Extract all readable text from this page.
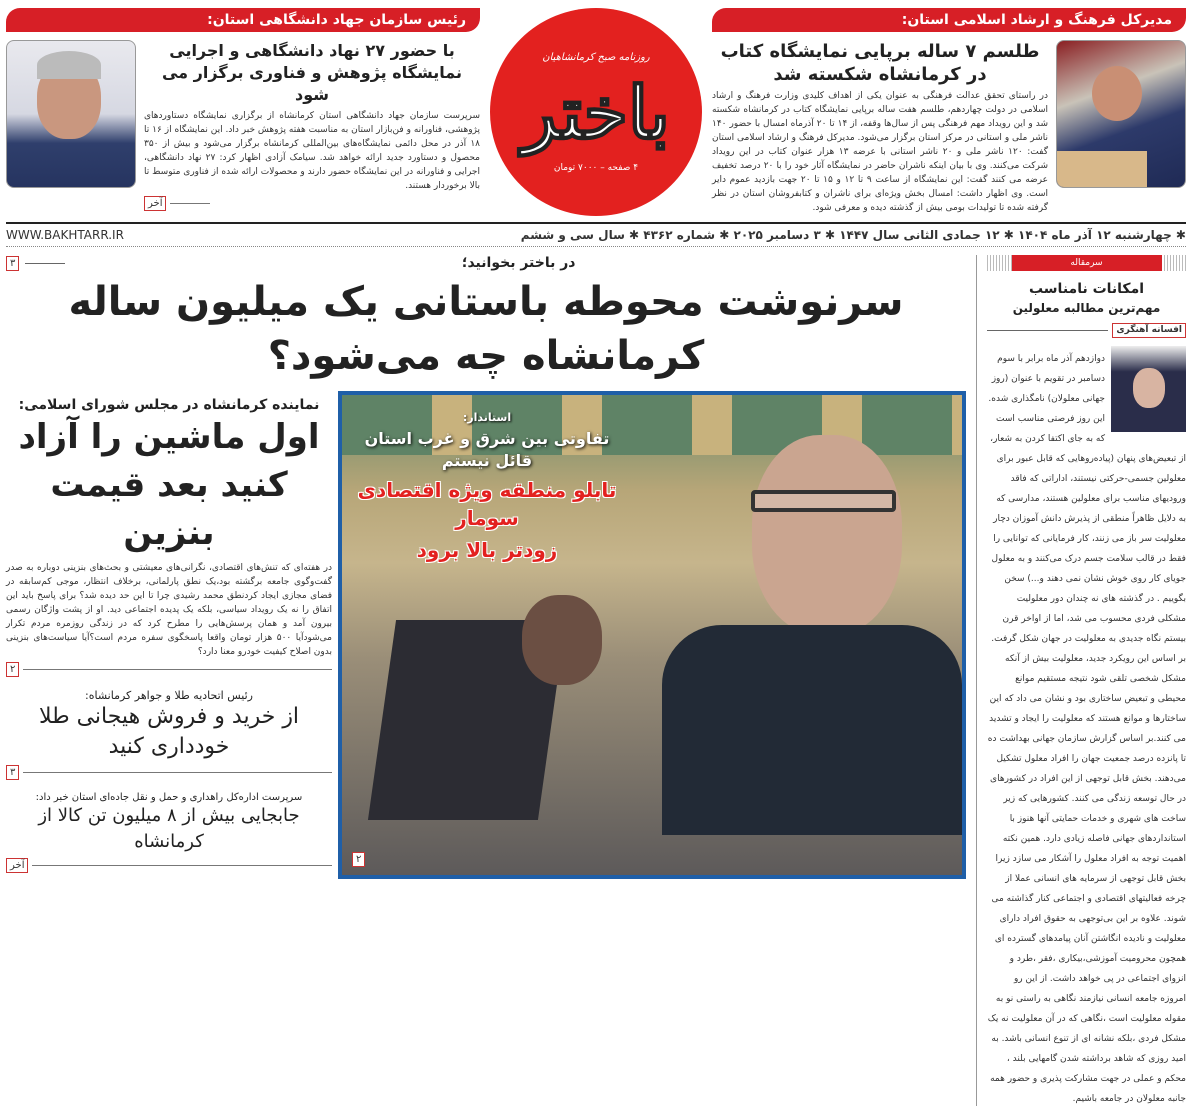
رئیس سازمان جهاد دانشگاهی استان:
با حضور ۲۷ نهاد دانشگاهی و اجرایی
نمایشگاه پژوهش و فناوری برگزار می شود
سرپرست سازمان جهاد دانشگاهی استان کرمانشاه از برگزاری نمایشگاه دستاوردهای پژوهشی، فناورانه و فن‌بازار استان به مناسبت هفته پژوهش خبر داد. این نمایشگاه از ۱۶ تا ۱۸ آذر در محل دائمی نمایشگاه‌های بین‌المللی کرمانشاه برگزار می‌شود و بیش از ۳۵۰ محصول و دستاورد جدید ارائه خواهد شد. سیامک آزادی اظهار کرد: ۲۷ نهاد دانشگاهی، اجرایی و فناورانه در این نمایشگاه حضور دارند و محصولات ارائه شده از فناوری متوسط تا بالا برخوردار هستند.
آخر
روزنامه صبح کرمانشاهیان
باختر
۴ صفحه – ۷۰۰۰ تومان
مدیرکل فرهنگ و ارشاد اسلامی استان:
طلسم ۷ ساله برپایی نمایشگاه کتاب
در کرمانشاه شکسته شد
در راستای تحقق عدالت فرهنگی به عنوان یکی از اهداف کلیدی وزارت فرهنگ و ارشاد اسلامی در دولت چهاردهم، طلسم هفت ساله برپایی نمایشگاه کتاب در کرمانشاه شکسته شد و این رویداد مهم فرهنگی پس از سال‌ها وقفه، از ۱۴ تا ۲۰ آذرماه امسال با حضور ۱۴۰ ناشر ملی و استانی در مرکز استان برگزار می‌شود. مدیرکل فرهنگ و ارشاد اسلامی استان گفت: ۱۲۰ ناشر ملی و ۲۰ ناشر استانی با عرضه ۱۳ هزار عنوان کتاب در این رویداد شرکت می‌کنند. وی با بیان اینکه ناشران حاضر در نمایشگاه آثار خود را با ۲۰ درصد تخفیف عرضه می کنند گفت: این نمایشگاه از ساعت ۹ تا ۱۲ و ۱۵ تا ۲۰ جهت بازدید عموم دایر است. وی اظهار داشت: امسال بخش ویژه‌ای برای ناشران و کتابفروشان استان در نظر گرفته شده تا تولیدات بومی بیش از گذشته دیده و معرفی شود.
WWW.BAKHTARR.IR	✱ چهارشنبه ۱۲ آذر ماه ۱۴۰۴ ✱ ۱۲ جمادی الثانی سال ۱۴۴۷ ✱ ۳ دسامبر ۲۰۲۵ ✱ شماره ۴۳۶۲ ✱ سال سی و ششم
۳	در باختر بخوانید؛
سرنوشت محوطه باستانی یک میلیون ساله کرمانشاه چه می‌شود؟
نماینده کرمانشاه در مجلس شورای اسلامی:
اول ماشین را آزاد کنید بعد قیمت بنزین
در هفته‌ای که تنش‌های اقتصادی، نگرانی‌های معیشتی و بحث‌های بنزینی دوباره به صدر گفت‌وگوی جامعه برگشته بود،یک نطق پارلمانی، برخلاف انتظار، موجی کم‌سابقه در فضای مجازی ایجاد کردنطق محمد رشیدی چرا تا این حد دیده شد؟ برای پاسخ باید این اتفاق را نه یک رویداد سیاسی، بلکه یک پدیده اجتماعی دید. او از پشت واژگان رسمی بیرون آمد و همان پرسش‌هایی را مطرح کرد که در زندگی روزمره مردم تکرار می‌شودآیا ۵۰۰ هزار تومان واقعا پاسخگوی سفره مردم است؟آیا سیاست‌های بنزینی بدون اصلاح کیفیت خودرو معنا دارد؟
۲
رئیس اتحادیه طلا و جواهر کرمانشاه:
از خرید و فروش هیجانی طلا خودداری کنید
۳
سرپرست اداره‌کل راهداری و حمل و نقل جاده‌ای استان خبر داد:
جابجایی بیش از ۸ میلیون تن کالا از کرمانشاه
آخر
استاندار:
تفاوتی بین شرق و غرب استان قائل نیستم
تابلو منطقه ویژه اقتصادی سومار
زودتر بالا برود
۲
سرمقاله
امکانات نامناسب
مهم‌ترین مطالبه معلولین
افسانه آهنگری
دوازدهم آذر ماه برابر با سوم دسامبر در تقویم با عنوان (روز جهانی معلولان) نامگذاری شده. این روز فرصتی مناسب است که به جای اکتفا کردن به شعار، از تبعیض‌های پنهان (پیاده‌روهایی که قابل عبور برای معلولین جسمی-حرکتی نیستند، اداراتی که فاقد ورودیهای مناسب برای معلولین هستند، مدارسی که به دلایل ظاهراً منطقی از پذیرش دانش آموزان دچار معلولیت سر باز می زنند، کار فرمایانی که توانایی را فقط در قالب سلامت جسم درک می‌کنند و به معلول جویای کار روی خوش نشان نمی دهند و...) سخن بگوییم . در گذشته های نه چندان دور معلولیت مشکلی فردی محسوب می شد، اما از اواخر قرن بیستم نگاه جدیدی به معلولیت در جهان شکل گرفت. بر اساس این رویکرد جدید، معلولیت بیش از آنکه مشکل شخصی تلقی شود نتیجه مستقیم موانع محیطی و تبعیض ساختاری بود و نشان می داد که این ساختارها و موانع هستند که معلولیت را ایجاد و تشدید می کنند.بر اساس گزارش سازمان جهانی بهداشت ده تا پانزده درصد جمعیت جهان را افراد معلول تشکیل می‌دهند. بخش قابل توجهی از این افراد در کشورهای در حال توسعه زندگی می کنند. کشورهایی که زیر ساخت های شهری و خدمات حمایتی آنها هنوز با استانداردهای جهانی فاصله زیادی دارد. همین نکته اهمیت توجه به افراد معلول را آشکار می سازد زیرا بخش قابل توجهی از سرمایه های انسانی عملا از چرخه فعالیتهای اقتصادی و اجتماعی کنار گذاشته می شوند. علاوه بر این بی‌توجهی به حقوق افراد دارای معلولیت و نادیده انگاشتن آنان پیامدهای گسترده ای همچون محرومیت آموزشی،بیکاری ،فقر ،طرد و انزوای اجتماعی در پی خواهد داشت. از این رو امروزه جامعه انسانی نیازمند نگاهی به راستی نو به مقوله معلولیت است ،نگاهی که در آن معلولیت نه یک مشکل فردی ،بلکه نشانه ای از تنوع انسانی باشد. به امید روزی که شاهد برداشته شدن گامهایی بلند ، محکم و عملی در جهت مشارکت پذیری و حضور همه جانبه معلولان در جامعه باشیم.
